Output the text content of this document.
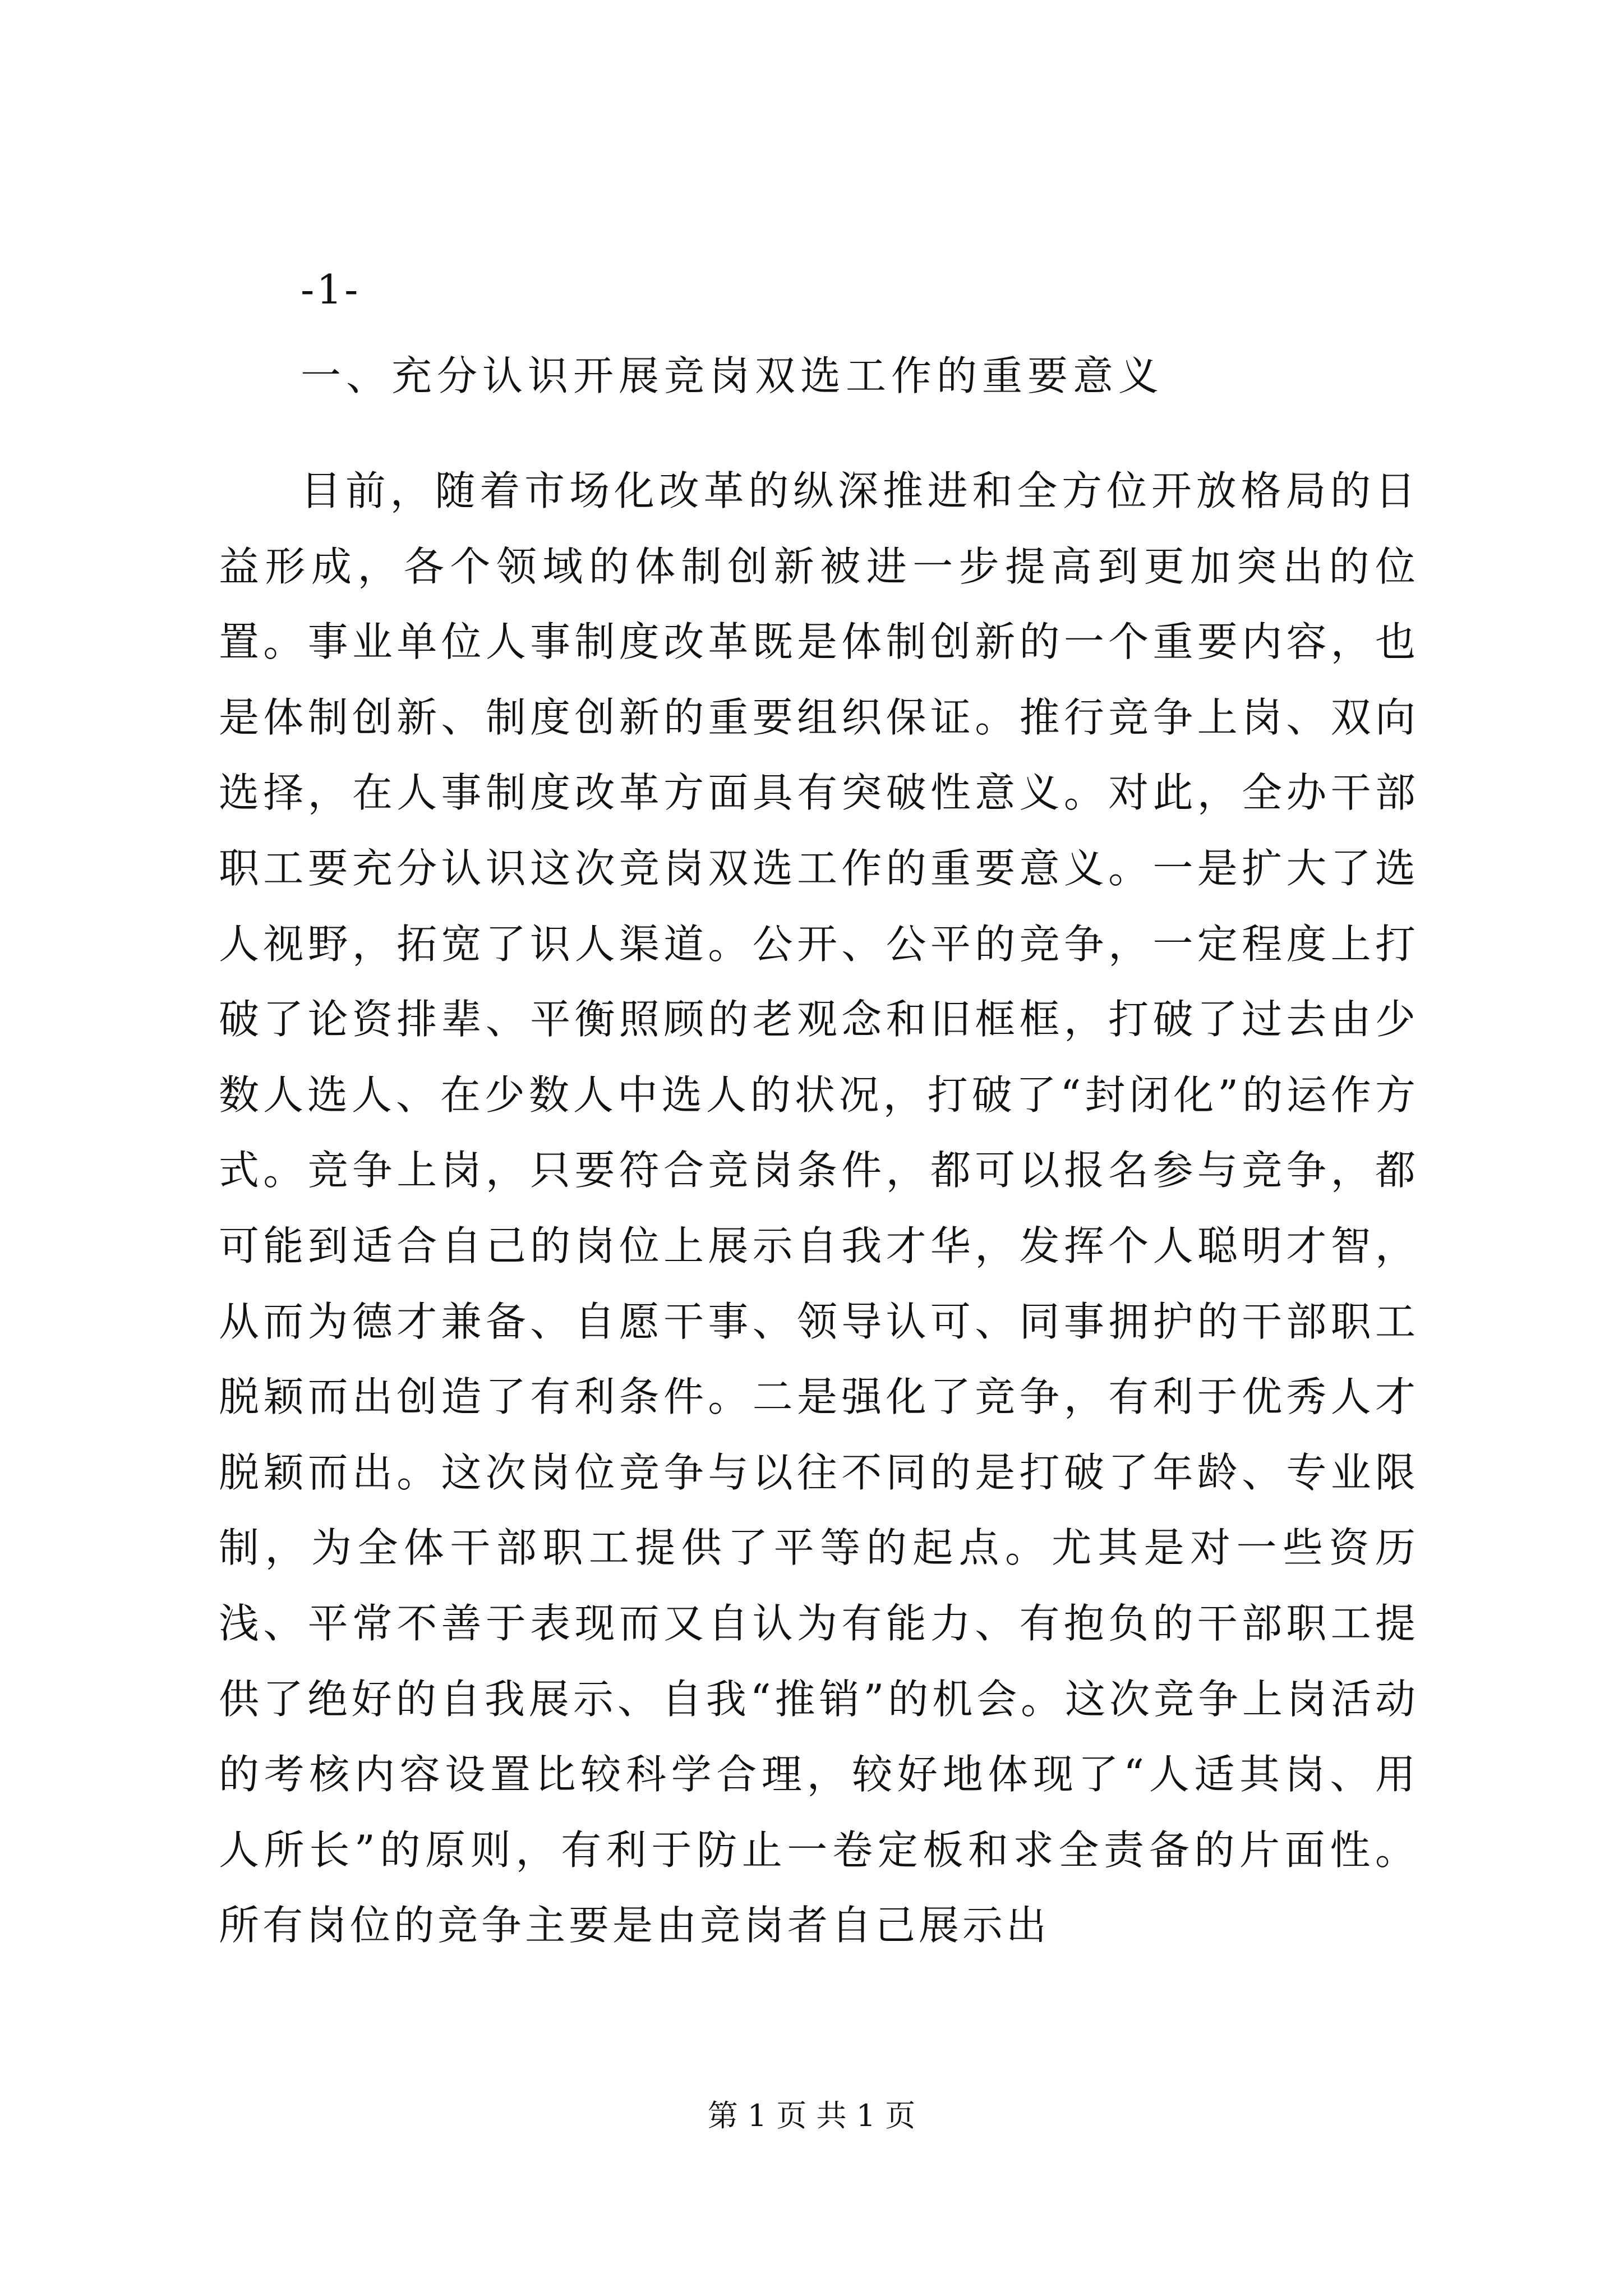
-1-
一、充分认识开展竞岗双选工作的重要意义

目前，随着市场化改革的纵深推进和全方位开放格局的日益形成，各个领域的体制创新被进一步提高到更加突出的位置。事业单位人事制度改革既是体制创新的一个重要内容，也是体制创新、制度创新的重要组织保证。推行竞争上岗、双向选择，在人事制度改革方面具有突破性意义。对此，全办干部职工要充分认识这次竞岗双选工作的重要意义。一是扩大了选人视野，拓宽了识人渠道。公开、公平的竞争，一定程度上打破了论资排辈、平衡照顾的老观念和旧框框，打破了过去由少数人选人、在少数人中选人的状况，打破了“封闭化”的运作方式。竞争上岗，只要符合竞岗条件，都可以报名参与竞争，都可能到适合自己的岗位上展示自我才华，发挥个人聪明才智，从而为德才兼备、自愿干事、领导认可、同事拥护的干部职工脱颖而出创造了有利条件。二是强化了竞争，有利于优秀人才脱颖而出。这次岗位竞争与以往不同的是打破了年龄、专业限制，为全体干部职工提供了平等的起点。尤其是对一些资历浅、平常不善于表现而又自认为有能力、有抱负的干部职工提供了绝好的自我展示、自我“推销”的机会。这次竞争上岗活动的考核内容设置比较科学合理，较好地体现了“人适其岗、用人所长”的原则，有利于防止一卷定板和求全责备的片面性。所有岗位的竞争主要是由竞岗者自己展示出

第 1 页 共 1 页
